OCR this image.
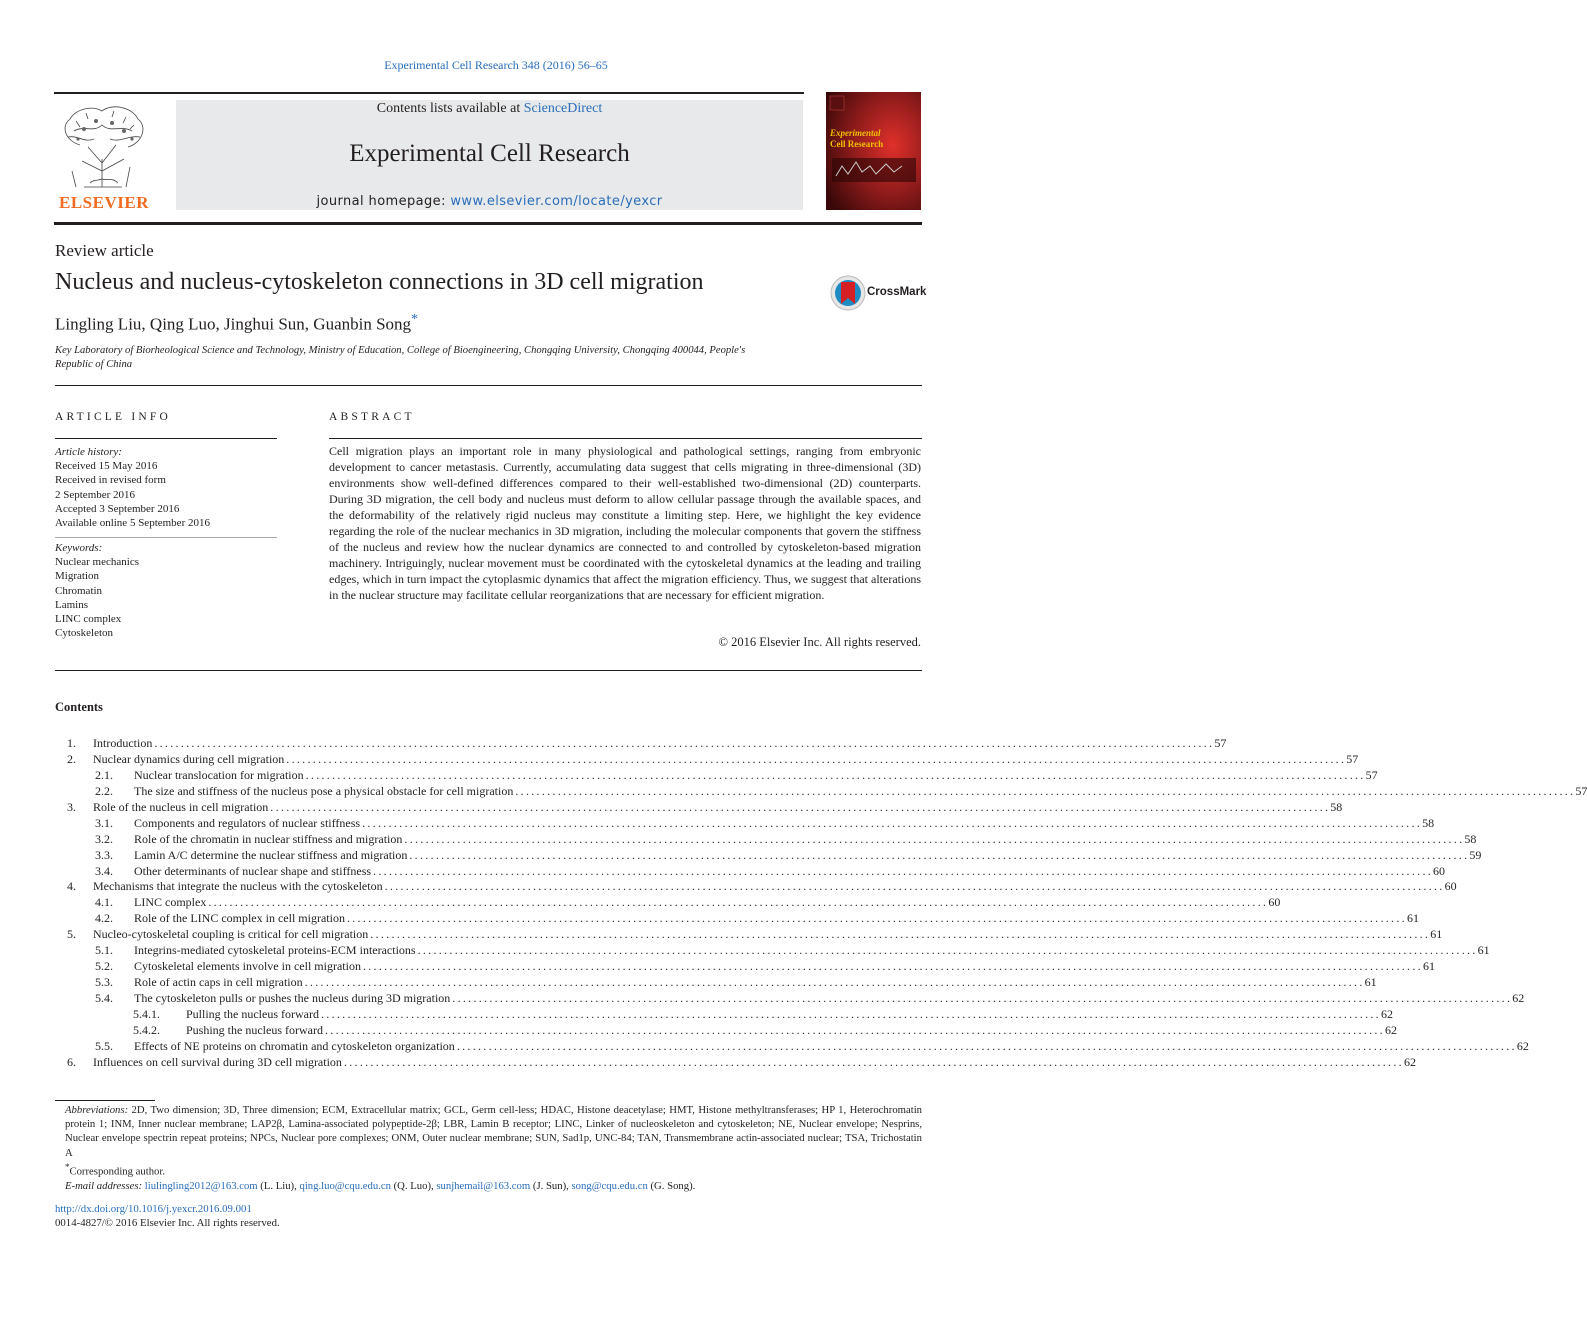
Experimental Cell Research 348 (2016) 56–65
ELSEVIER
Contents lists available at ScienceDirect
Experimental Cell Research
journal homepage: www.elsevier.com/locate/yexcr
Experimental
Cell Research
Review article
Nucleus and nucleus-cytoskeleton connections in 3D cell migration	CrossMark
Lingling Liu, Qing Luo, Jinghui Sun, Guanbin Song*
Key Laboratory of Biorheological Science and Technology, Ministry of Education, College of Bioengineering, Chongqing University, Chongqing 400044, People's
Republic of China
ARTICLE INFO
Article history:
Received 15 May 2016
Received in revised form
2 September 2016
Accepted 3 September 2016
Available online 5 September 2016
Keywords:
Nuclear mechanics
Migration
Chromatin
Lamins
LINC complex
Cytoskeleton
ABSTRACT
Cell migration plays an important role in many physiological and pathological settings, ranging from embryonic development to cancer metastasis. Currently, accumulating data suggest that cells migrating in three-dimensional (3D) environments show well-defined differences compared to their well-established two-dimensional (2D) counterparts. During 3D migration, the cell body and nucleus must deform to allow cellular passage through the available spaces, and the deformability of the relatively rigid nucleus may constitute a limiting step. Here, we highlight the key evidence regarding the role of the nuclear mechanics in 3D migration, including the molecular components that govern the stiffness of the nucleus and review how the nuclear dynamics are connected to and controlled by cytoskeleton-based migration machinery. Intriguingly, nuclear movement must be coordinated with the cytoskeletal dynamics at the leading and trailing edges, which in turn impact the cytoplasmic dynamics that affect the migration efficiency. Thus, we suggest that alterations in the nuclear structure may facilitate cellular reorganizations that are necessary for efficient migration.
© 2016 Elsevier Inc. All rights reserved.
Contents
1. Introduction ........................................................................................................................................................................................................ 57
2. Nuclear dynamics during cell migration ........................................................................................................................................................................................................ 57
2.1. Nuclear translocation for migration ........................................................................................................................................................................................................ 57
2.2. The size and stiffness of the nucleus pose a physical obstacle for cell migration ........................................................................................................................................................................................................ 57
3. Role of the nucleus in cell migration ........................................................................................................................................................................................................ 58
3.1. Components and regulators of nuclear stiffness ........................................................................................................................................................................................................ 58
3.2. Role of the chromatin in nuclear stiffness and migration ........................................................................................................................................................................................................ 58
3.3. Lamin A/C determine the nuclear stiffness and migration ........................................................................................................................................................................................................ 59
3.4. Other determinants of nuclear shape and stiffness ........................................................................................................................................................................................................ 60
4. Mechanisms that integrate the nucleus with the cytoskeleton ........................................................................................................................................................................................................ 60
4.1. LINC complex ........................................................................................................................................................................................................ 60
4.2. Role of the LINC complex in cell migration ........................................................................................................................................................................................................ 61
5. Nucleo-cytoskeletal coupling is critical for cell migration ........................................................................................................................................................................................................ 61
5.1. Integrins-mediated cytoskeletal proteins-ECM interactions ........................................................................................................................................................................................................ 61
5.2. Cytoskeletal elements involve in cell migration ........................................................................................................................................................................................................ 61
5.3. Role of actin caps in cell migration ........................................................................................................................................................................................................ 61
5.4. The cytoskeleton pulls or pushes the nucleus during 3D migration ........................................................................................................................................................................................................ 62
5.4.1. Pulling the nucleus forward ........................................................................................................................................................................................................ 62
5.4.2. Pushing the nucleus forward ........................................................................................................................................................................................................ 62
5.5. Effects of NE proteins on chromatin and cytoskeleton organization ........................................................................................................................................................................................................ 62
6. Influences on cell survival during 3D cell migration ........................................................................................................................................................................................................ 62
Abbreviations: 2D, Two dimension; 3D, Three dimension; ECM, Extracellular matrix; GCL, Germ cell-less; HDAC, Histone deacetylase; HMT, Histone methyltransferases; HP 1, Heterochromatin protein 1; INM, Inner nuclear membrane; LAP2β, Lamina-associated polypeptide-2β; LBR, Lamin B receptor; LINC, Linker of nucleoskeleton and cytoskeleton; NE, Nuclear envelope; Nesprins, Nuclear envelope spectrin repeat proteins; NPCs, Nuclear pore complexes; ONM, Outer nuclear membrane; SUN, Sad1p, UNC-84; TAN, Transmembrane actin-associated nuclear; TSA, Trichostatin A
*Corresponding author.
E-mail addresses: liulingling2012@163.com (L. Liu), qing.luo@cqu.edu.cn (Q. Luo), sunjhemail@163.com (J. Sun), song@cqu.edu.cn (G. Song).
http://dx.doi.org/10.1016/j.yexcr.2016.09.001
0014-4827/© 2016 Elsevier Inc. All rights reserved.
